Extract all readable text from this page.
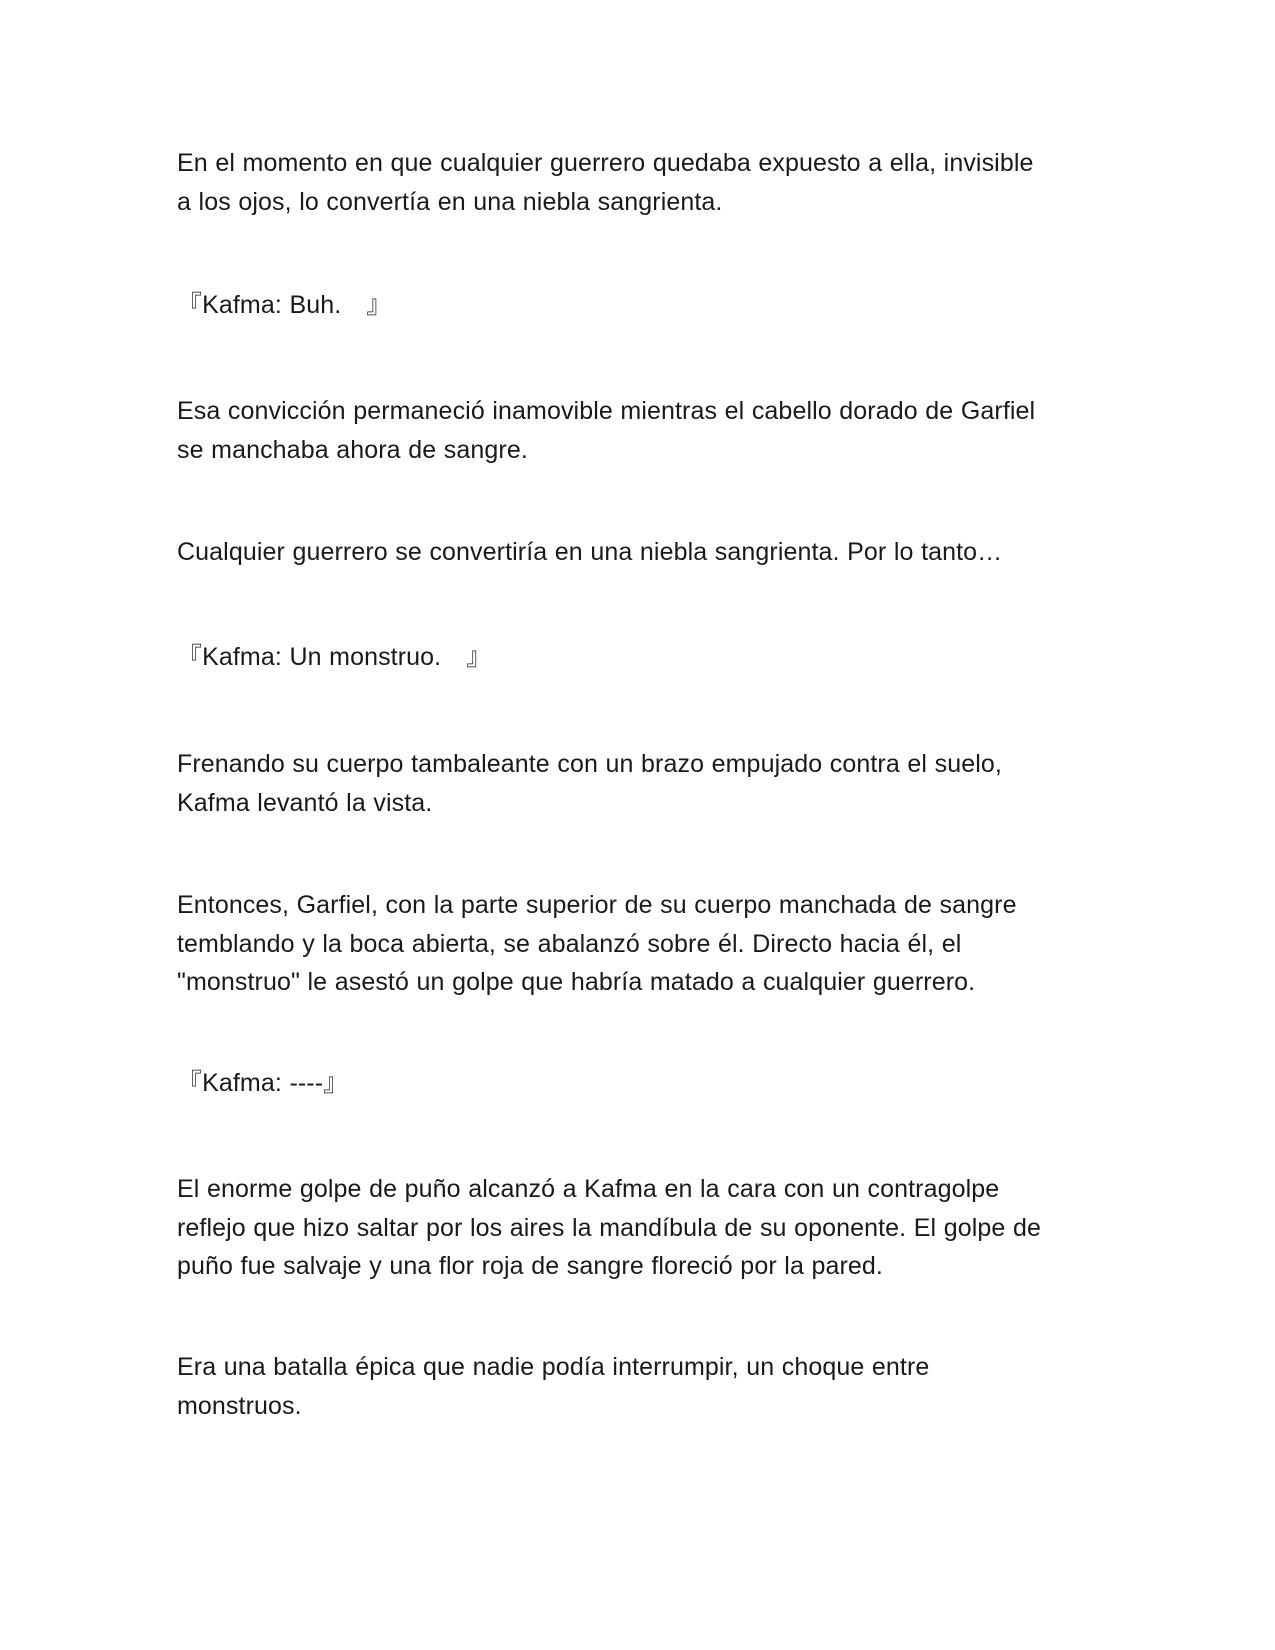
En el momento en que cualquier guerrero quedaba expuesto a ella, invisible
a los ojos, lo convertía en una niebla sangrienta.

『Kafma: Buh.　』

Esa convicción permaneció inamovible mientras el cabello dorado de Garfiel
se manchaba ahora de sangre.

Cualquier guerrero se convertiría en una niebla sangrienta. Por lo tanto…

『Kafma: Un monstruo.　』

Frenando su cuerpo tambaleante con un brazo empujado contra el suelo,
Kafma levantó la vista.

Entonces, Garfiel, con la parte superior de su cuerpo manchada de sangre
temblando y la boca abierta, se abalanzó sobre él. Directo hacia él, el
"monstruo" le asestó un golpe que habría matado a cualquier guerrero.

『Kafma: ----』

El enorme golpe de puño alcanzó a Kafma en la cara con un contragolpe
reflejo que hizo saltar por los aires la mandíbula de su oponente. El golpe de
puño fue salvaje y una flor roja de sangre floreció por la pared.

Era una batalla épica que nadie podía interrumpir, un choque entre
monstruos.
